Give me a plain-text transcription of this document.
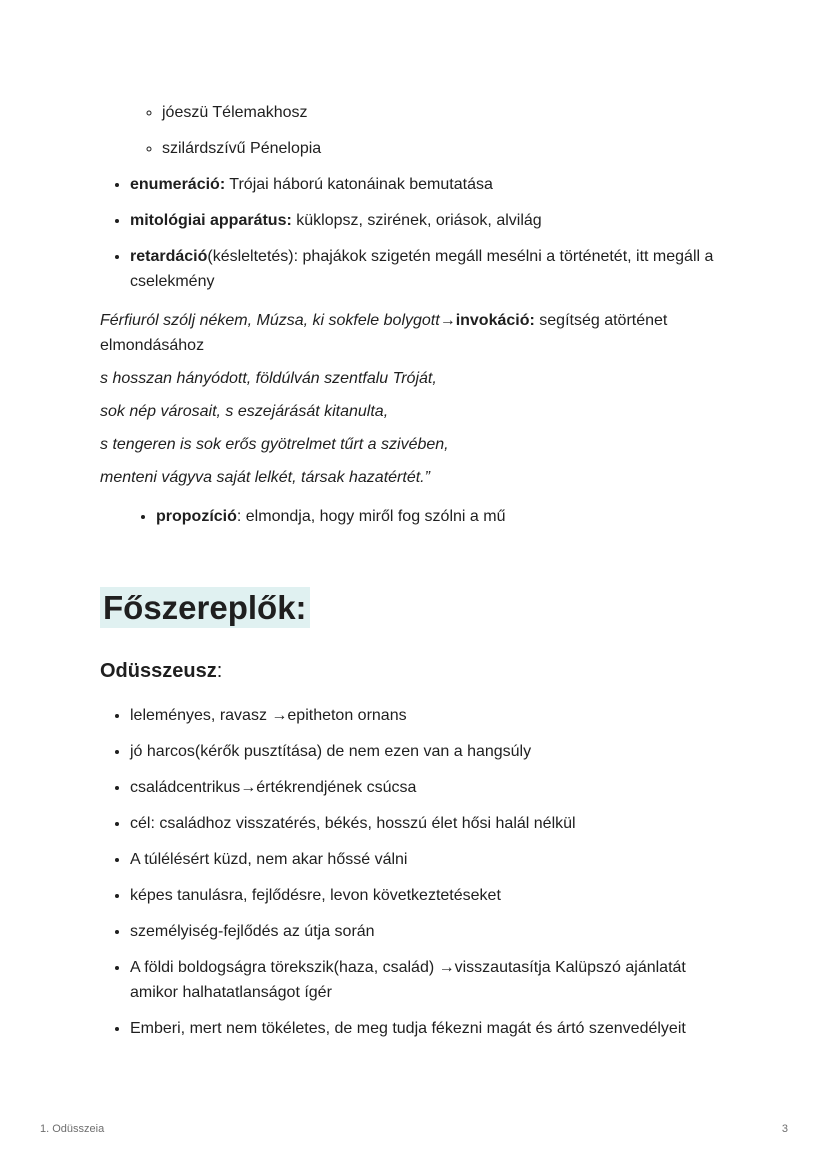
◦ jóeszü Télemakhosz
◦ szilárdszívű Pénelopia
• enumeráció: Trójai háború katonáinak bemutatása
• mitológiai apparátus: küklopsz, szirének, oriások, alvilág
• retardáció(késleltetés): phajákok szigetén megáll mesélni a történetét, itt megáll a cselekmény

Férfiuról szólj nékem, Múzsa, ki sokfele bolygott→invokáció: segítség atörténet elmondásához

s hosszan hányódott, földúlván szentfalu Tróját,

sok nép városait, s eszejárását kitanulta,

s tengeren is sok erős gyötrelmet tűrt a szivében,

menteni vágyva saját lelkét, társak hazatértét.”

• propozíció: elmondja, hogy miről fog szólni a mű
Főszereplők:
Odüsszeusz:
• leleményes, ravasz →epitheton ornans
• jó harcos(kérők pusztítása) de nem ezen van a hangsúly
• családcentrikus→értékrendjének csúcsa
• cél: családhoz visszatérés, békés, hosszú élet hősi halál nélkül
• A túlélésért küzd, nem akar hőssé válni
• képes tanulásra, fejlődésre, levon következtetéseket
• személyiség-fejlődés az útja során
• A földi boldogságra törekszik(haza, család) →visszautasítja Kalüpszó ajánlatát amikor halhatatlanságot ígér
• Emberi, mert nem tökéletes, de meg tudja fékezni magát és ártó szenvedélyeit
1. Odüsszeia	3
